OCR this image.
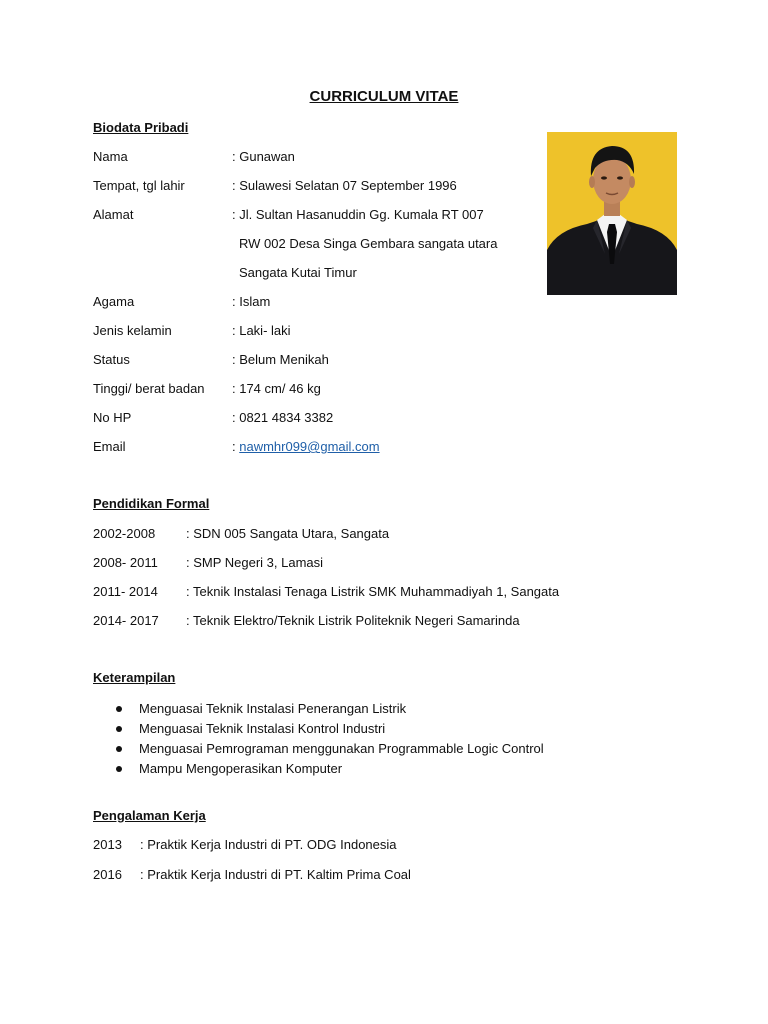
CURRICULUM VITAE
Biodata Pribadi
Nama	: Gunawan
Tempat, tgl lahir	: Sulawesi Selatan 07 September 1996
Alamat	: Jl. Sultan Hasanuddin Gg. Kumala RT 007
RW 002 Desa Singa Gembara sangata utara
Sangata Kutai Timur
Agama	: Islam
Jenis kelamin	: Laki- laki
Status	: Belum Menikah
Tinggi/ berat badan : 174 cm/ 46 kg
No HP	: 0821 4834 3382
Email	: nawmhr099@gmail.com
Pendidikan Formal
2002-2008 : SDN 005 Sangata Utara, Sangata
2008- 2011 : SMP Negeri 3, Lamasi
2011- 2014 : Teknik Instalasi Tenaga Listrik SMK Muhammadiyah 1, Sangata
2014- 2017 : Teknik Elektro/Teknik Listrik Politeknik Negeri Samarinda
Keterampilan
Menguasai Teknik Instalasi Penerangan Listrik
Menguasai Teknik Instalasi Kontrol Industri
Menguasai Pemrograman menggunakan Programmable Logic Control
Mampu Mengoperasikan Komputer
Pengalaman Kerja
2013 : Praktik Kerja Industri di PT. ODG Indonesia
2016 : Praktik Kerja Industri di PT. Kaltim Prima Coal
